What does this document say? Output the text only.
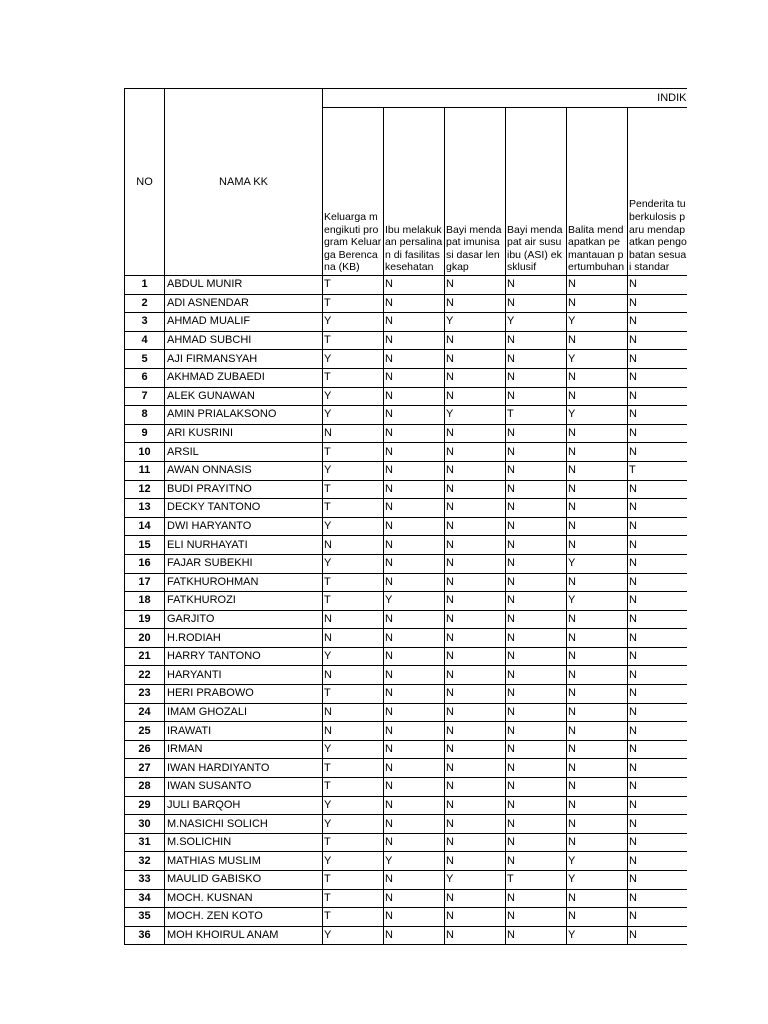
NO	NAMA KK	INDIK					
		Keluarga mengikuti program Keluarga Berencana (KB)	Ibu melakukan persalinan di fasilitas kesehatan	Bayi mendapat imunisasi dasar lengkap	Bayi mendapat air susu ibu (ASI) eksklusif	Balita mendapatkan pemantauan pertumbuhan	Penderita tuberkulosis paru mendapatkan pengobatan sesuai standar
1	ABDUL MUNIR	T	N	N	N	N	N
2	ADI ASNENDAR	T	N	N	N	N	N
3	AHMAD MUALIF	Y	N	Y	Y	Y	N
4	AHMAD SUBCHI	T	N	N	N	N	N
5	AJI FIRMANSYAH	Y	N	N	N	Y	N
6	AKHMAD ZUBAEDI	T	N	N	N	N	N
7	ALEK GUNAWAN	Y	N	N	N	N	N
8	AMIN PRIALAKSONO	Y	N	Y	T	Y	N
9	ARI KUSRINI	N	N	N	N	N	N
10	ARSIL	T	N	N	N	N	N
11	AWAN ONNASIS	Y	N	N	N	N	T
12	BUDI PRAYITNO	T	N	N	N	N	N
13	DECKY TANTONO	T	N	N	N	N	N
14	DWI HARYANTO	Y	N	N	N	N	N
15	ELI NURHAYATI	N	N	N	N	N	N
16	FAJAR SUBEKHI	Y	N	N	N	Y	N
17	FATKHUROHMAN	T	N	N	N	N	N
18	FATKHUROZI	T	Y	N	N	Y	N
19	GARJITO	N	N	N	N	N	N
20	H.RODIAH	N	N	N	N	N	N
21	HARRY TANTONO	Y	N	N	N	N	N
22	HARYANTI	N	N	N	N	N	N
23	HERI PRABOWO	T	N	N	N	N	N
24	IMAM GHOZALI	N	N	N	N	N	N
25	IRAWATI	N	N	N	N	N	N
26	IRMAN	Y	N	N	N	N	N
27	IWAN HARDIYANTO	T	N	N	N	N	N
28	IWAN SUSANTO	T	N	N	N	N	N
29	JULI BARQOH	Y	N	N	N	N	N
30	M.NASICHI SOLICH	Y	N	N	N	N	N
31	M.SOLICHIN	T	N	N	N	N	N
32	MATHIAS MUSLIM	Y	Y	N	N	Y	N
33	MAULID GABISKO	T	N	Y	T	Y	N
34	MOCH. KUSNAN	T	N	N	N	N	N
35	MOCH. ZEN KOTO	T	N	N	N	N	N
36	MOH KHOIRUL ANAM	Y	N	N	N	Y	N
